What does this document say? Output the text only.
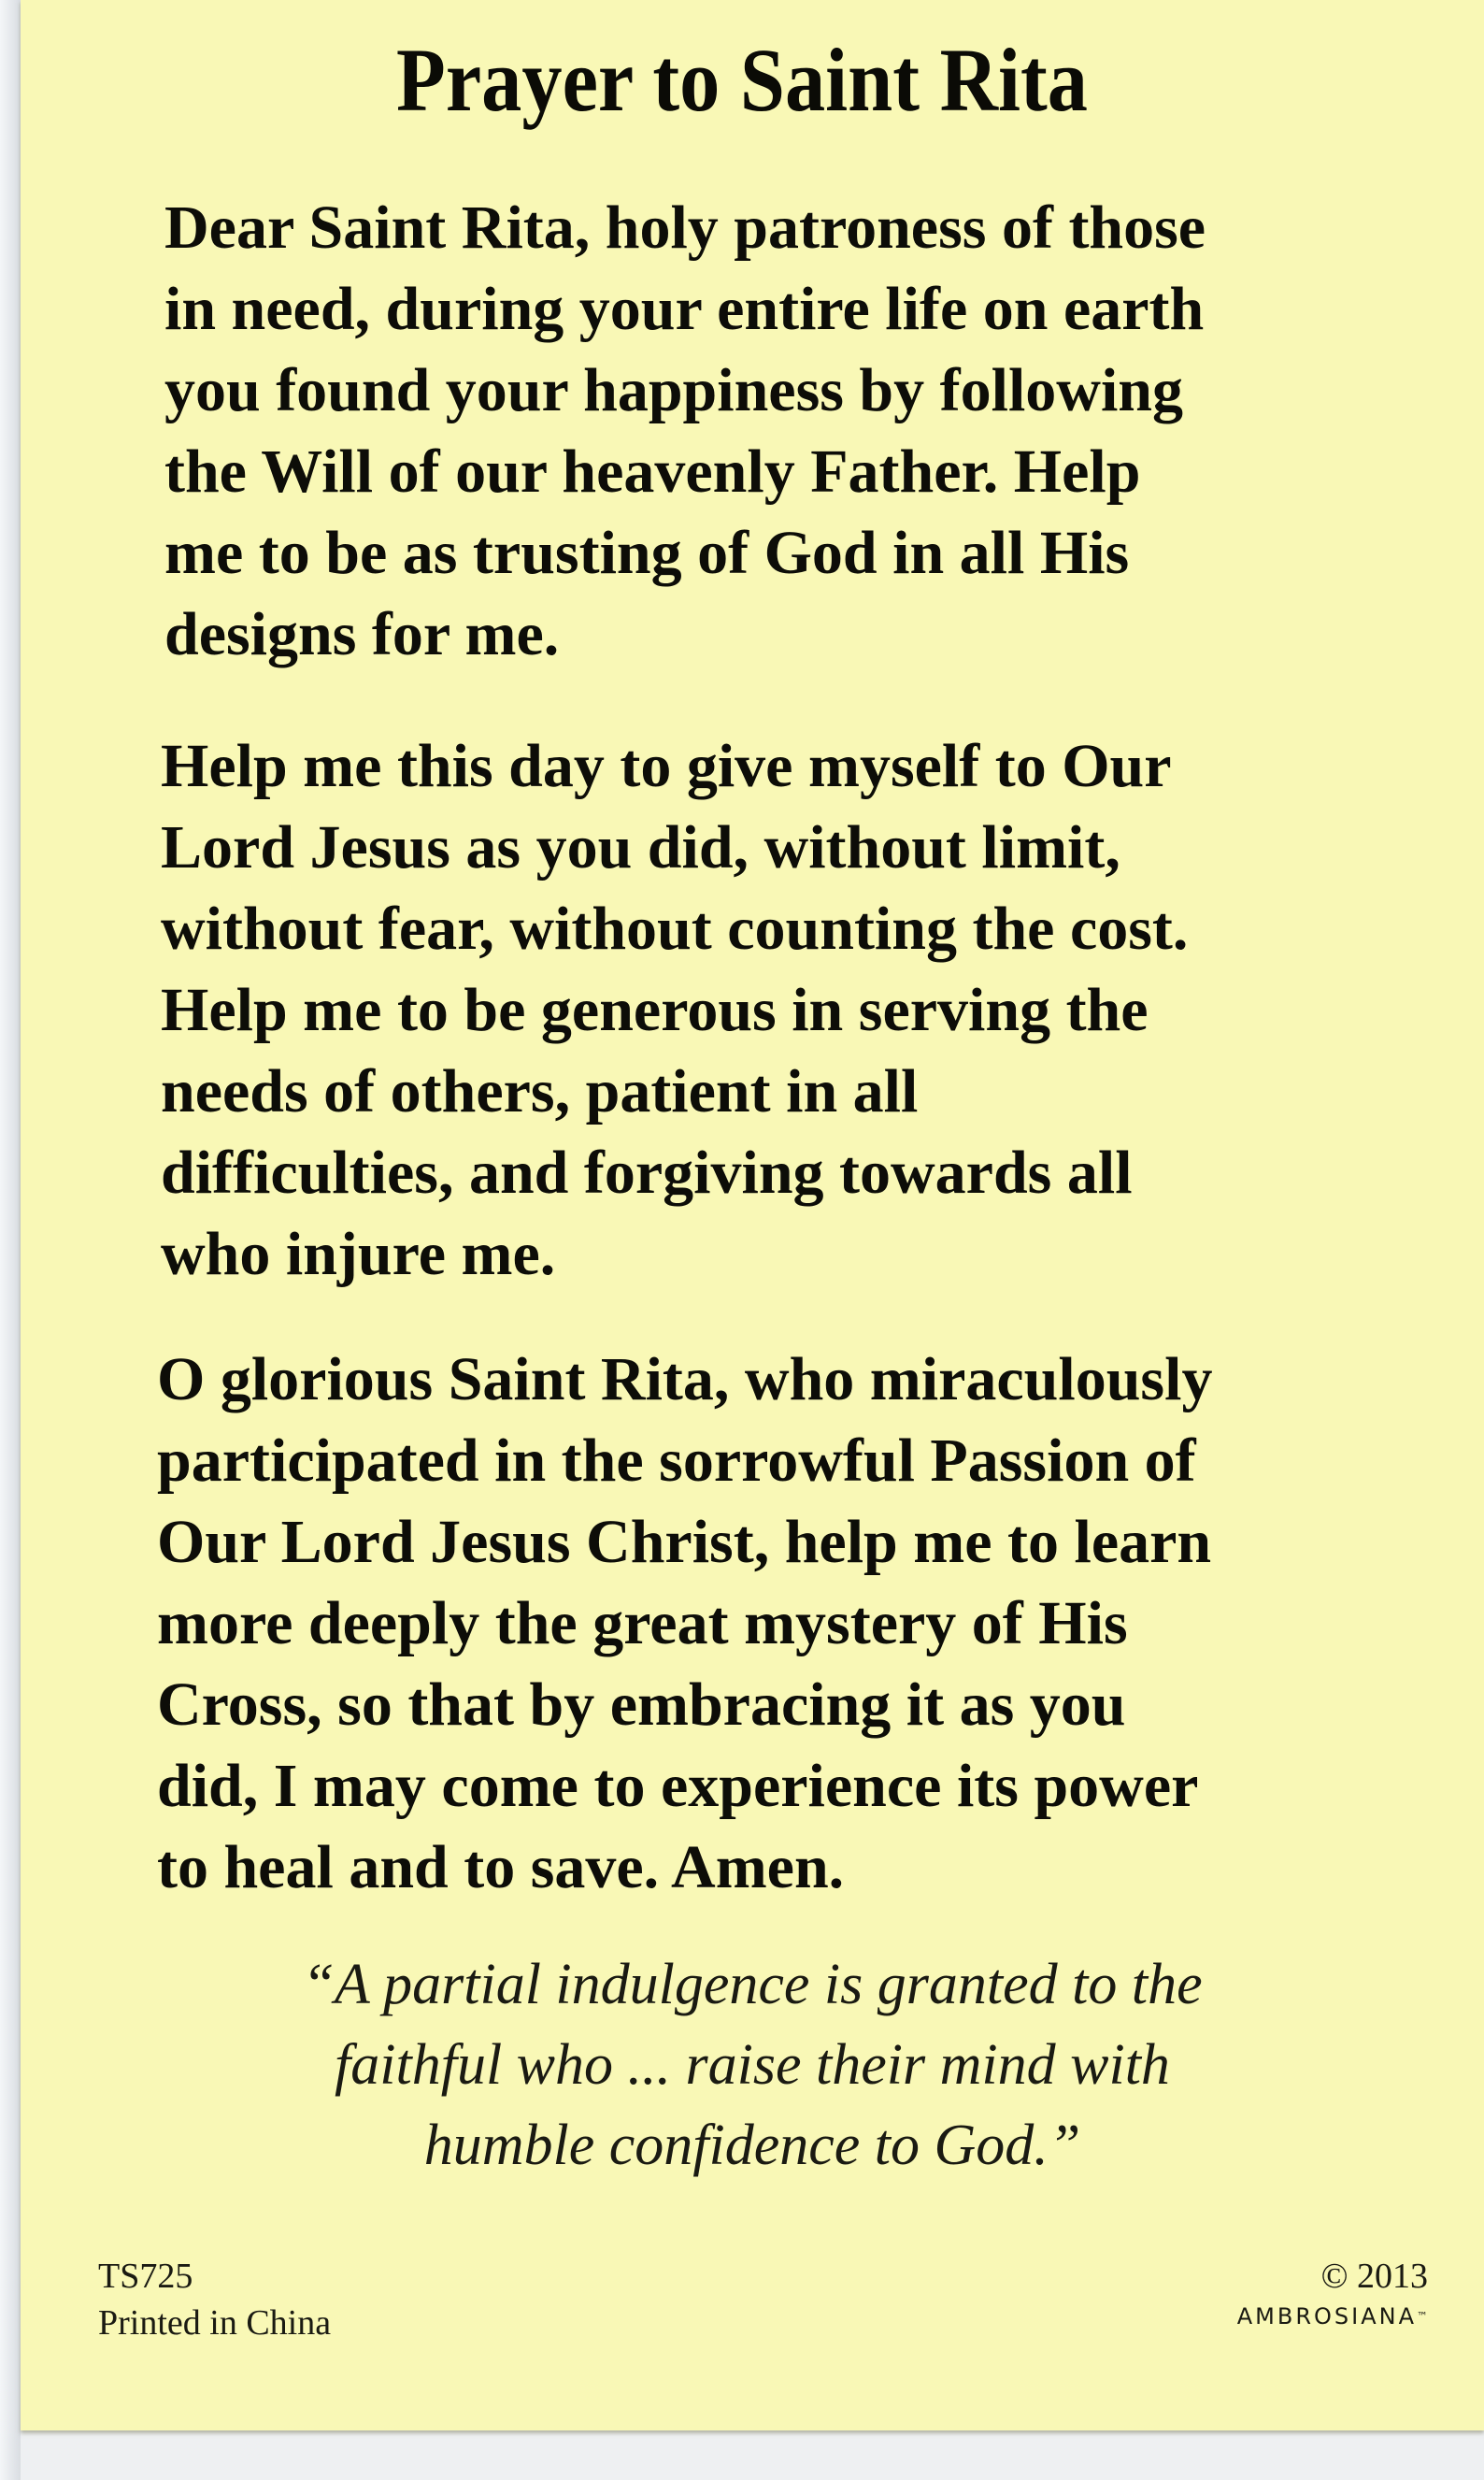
Prayer to Saint Rita
Dear Saint Rita, holy patroness of those
in need, during your entire life on earth
you found your happiness by following
the Will of our heavenly Father. Help
me to be as trusting of God in all His
designs for me.
Help me this day to give myself to Our
Lord Jesus as you did, without limit,
without fear, without counting the cost.
Help me to be generous in serving the
needs of others, patient in all
difficulties, and forgiving towards all
who injure me.
O glorious Saint Rita, who miraculously
participated in the sorrowful Passion of
Our Lord Jesus Christ, help me to learn
more deeply the great mystery of His
Cross, so that by embracing it as you
did, I may come to experience its power
to heal and to save. Amen.
“A partial indulgence is granted to the
faithful who ... raise their mind with
humble confidence to God.”
TS725
Printed in China
© 2013
AMBROSIANA™
